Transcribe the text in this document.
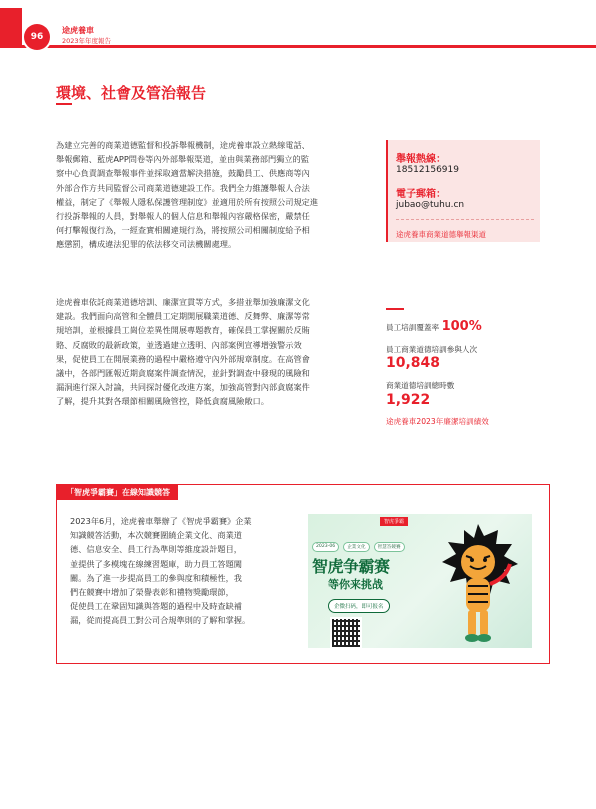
96
途虎養車
2023年年度報告
環境、社會及管治報告
為建立完善的商業道德監督和投訴舉報機制，途虎養車設立熱線電話、
舉報郵箱、藍虎APP問卷等內外部舉報渠道，並由與業務部門獨立的監
察中心負責調查舉報事件並採取適當解決措施，鼓勵員工、供應商等內
外部合作方共同監督公司商業道德建設工作。我們全力維護舉報人合法
權益，制定了《舉報人隱私保護管理制度》並適用於所有按照公司規定進
行投訴舉報的人員，對舉報人的個人信息和舉報內容嚴格保密，嚴禁任
何打擊報復行為，一經查實相關違規行為，將按照公司相關制度給予相
應懲罰，構成違法犯罪的依法移交司法機關處理。
舉報熱線：
18512156919
電子郵箱：
jubao@tuhu.cn
途虎養車商業道德舉報渠道
途虎養車依託商業道德培訓、廉潔宣貫等方式，多措並舉加強廉潔文化
建設。我們面向高管和全體員工定期開展職業道德、反舞弊、廉潔等常
規培訓，並根據員工崗位差異性開展專題教育，確保員工掌握關於反賄
賂、反腐敗的最新政策，並透過建立透明、內部案例宣導增強警示效
果，促使員工在開展業務的過程中嚴格遵守內外部規章制度。在高管會
議中，各部門匯報近期貪腐案件調查情況，並針對調查中發現的風險和
漏洞進行深入討論，共同探討優化改進方案，加強高管對內部貪腐案件
了解，提升其對各環節相關風險管控，降低貪腐風險敞口。
員工培訓覆蓋率 100%
員工商業道德培訓參與人次
10,848
商業道德培訓總時數
1,922
途虎養車2023年廉潔培訓績效
「智虎爭霸賽」在線知識競答
2023年6月，途虎養車舉辦了《智虎爭霸賽》企業
知識競答活動，本次競賽圍繞企業文化、商業道
德、信息安全、員工行為準則等維度設計題目，
並提供了多模塊在線練習題庫，助力員工答題闖
關。為了進一步提高員工的參與度和積極性，我
們在競賽中增加了榮譽表彰和禮物獎勵環節，
促使員工在鞏固知識與答題的過程中及時查缺補
漏，從而提高員工對公司合規準則的了解和掌握。
智虎爭霸
2023-06	企業文化	智慧答競賽
智虎争霸赛
等你来挑战
企微扫码，即可报名
